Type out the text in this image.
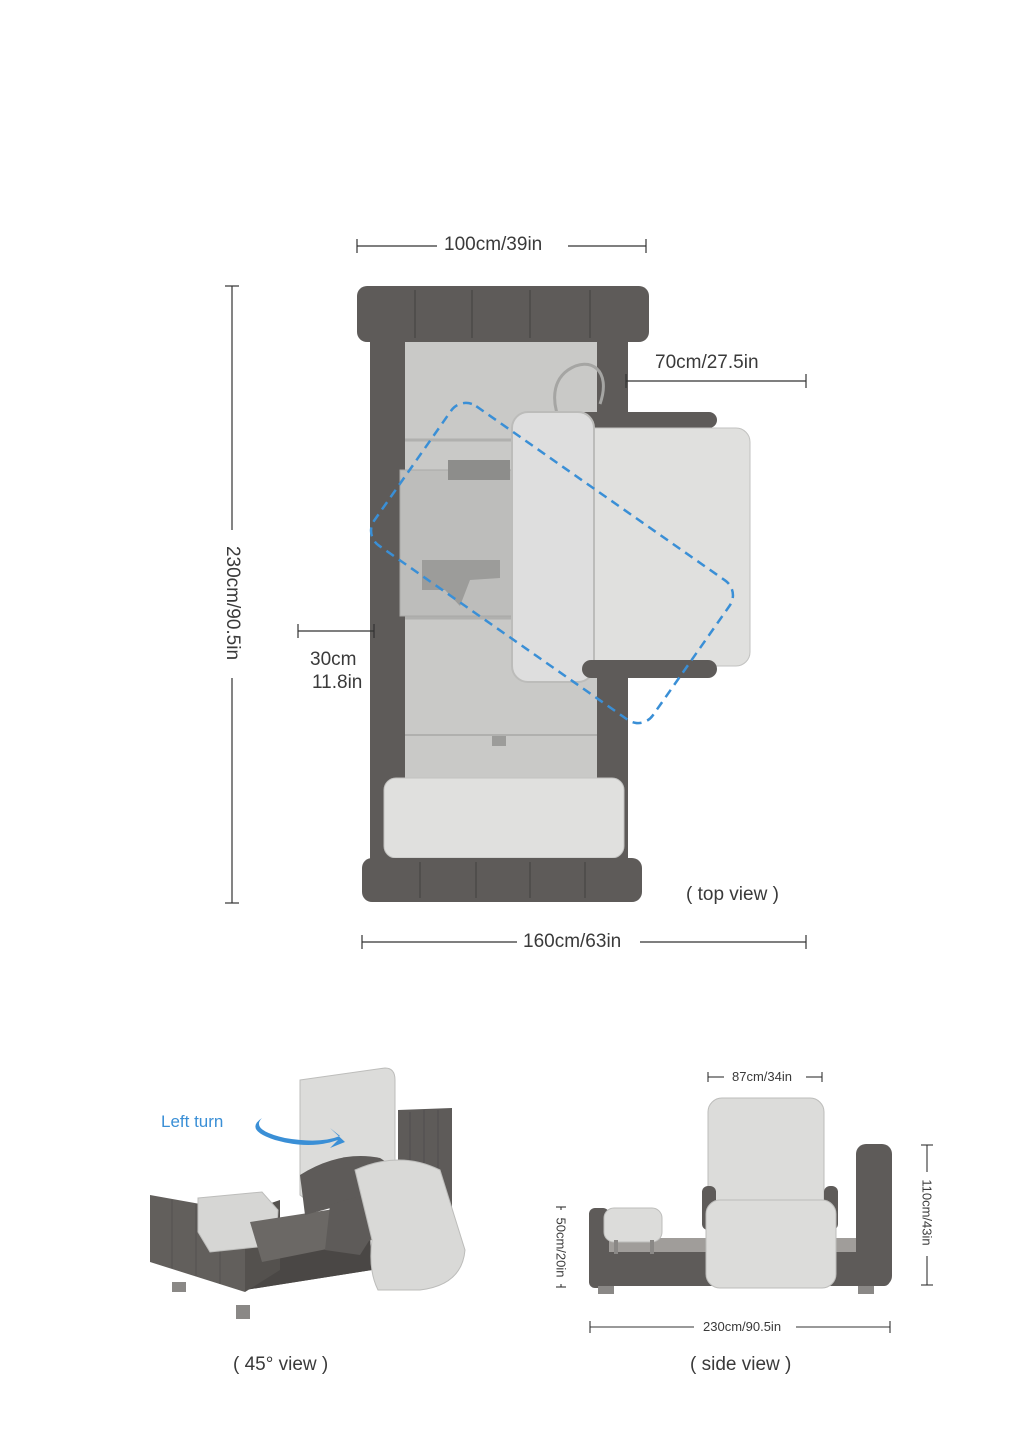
100cm/39in
230cm/90.5in
70cm/27.5in
30cm
11.8in
160cm/63in
( top view )
Left turn
( 45° view )
87cm/34in
110cm/43in
50cm/20in
230cm/90.5in
( side view )
